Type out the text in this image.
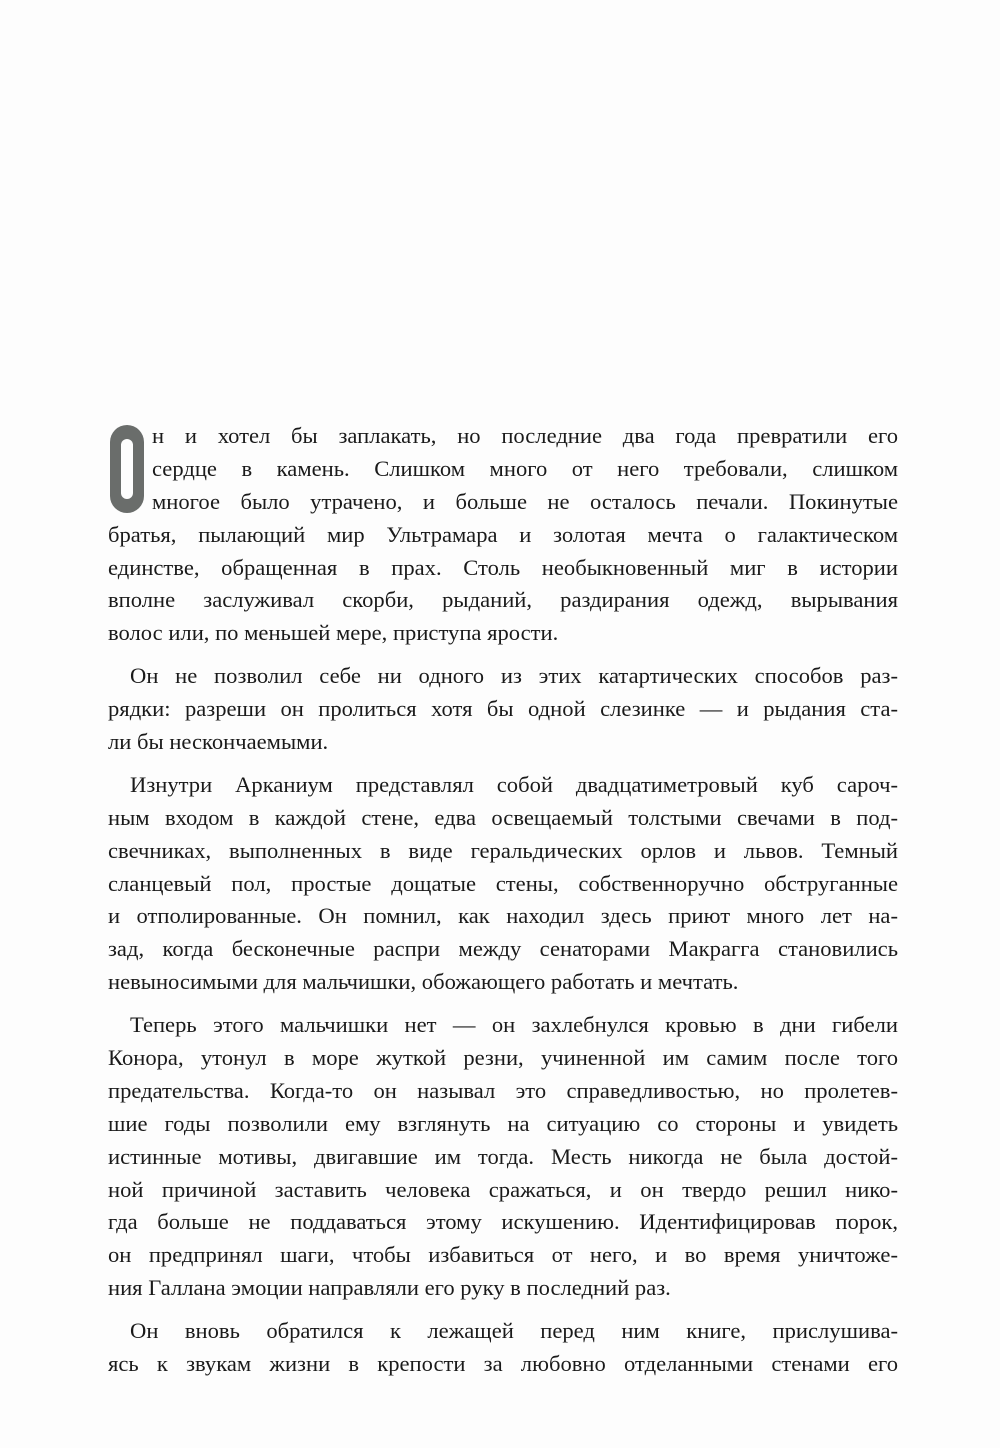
н и хотел бы заплакать, но последние два года превратили его
сердце в камень. Слишком много от него требовали, слишком
многое было утрачено, и больше не осталось печали. Покинутые
братья, пылающий мир Ультрамара и золотая мечта о галактическом
единстве, обращенная в прах. Столь необыкновенный миг в истории
вполне заслуживал скорби, рыданий, раздирания одежд, вырывания
волос или, по меньшей мере, приступа ярости.
Он не позволил себе ни одного из этих катартических способов раз-
рядки: разреши он пролиться хотя бы одной слезинке — и рыдания ста-
ли бы нескончаемыми.
Изнутри Арканиум представлял собой двадцатиметровый куб сароч-
ным входом в каждой стене, едва освещаемый толстыми свечами в под-
свечниках, выполненных в виде геральдических орлов и львов. Темный
сланцевый пол, простые дощатые стены, собственноручно обструганные
и отполированные. Он помнил, как находил здесь приют много лет на-
зад, когда бесконечные распри между сенаторами Макрагга становились
невыносимыми для мальчишки, обожающего работать и мечтать.
Теперь этого мальчишки нет — он захлебнулся кровью в дни гибели
Конора, утонул в море жуткой резни, учиненной им самим после того
предательства. Когда-то он называл это справедливостью, но пролетев-
шие годы позволили ему взглянуть на ситуацию со стороны и увидеть
истинные мотивы, двигавшие им тогда. Месть никогда не была достой-
ной причиной заставить человека сражаться, и он твердо решил нико-
гда больше не поддаваться этому искушению. Идентифицировав порок,
он предпринял шаги, чтобы избавиться от него, и во время уничтоже-
ния Галлана эмоции направляли его руку в последний раз.
Он вновь обратился к лежащей перед ним книге, прислушива-
ясь к звукам жизни в крепости за любовно отделанными стенами его
